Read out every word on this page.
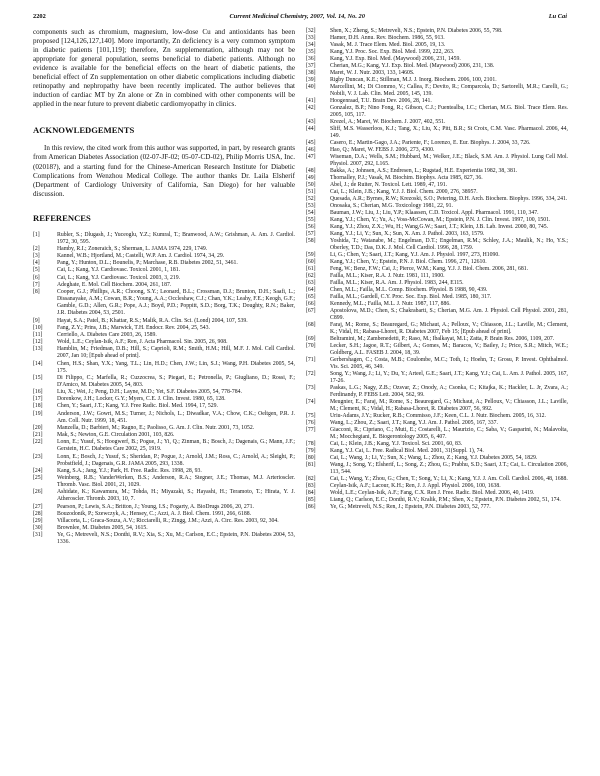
2202	Current Medicinal Chemistry, 2007, Vol. 14, No. 20	Lu Cai

components such as chromium, magnesium, low-dose Cu and antioxidants has been proposed [124,126,127,140]. More importantly, Zn deficiency is a very common symptom in diabetic patients [101,119]; therefore, Zn supplementation, although may not be appropriate for general population, seems beneficial to diabetic patients. Although no evidence is available for the beneficial effects on the heart of diabetic patients, the beneficial effect of Zn supplementation on other diabetic complications including diabetic retinopathy and nephropathy have been recently implicated. The author believes that induction of cardiac MT by Zn alone or Zn in combined with other components will be applied in the near future to prevent diabetic cardiomyopathy in clinics.

ACKNOWLEDGEMENTS

In this review, the cited work from this author was supported, in part, by research grants from American Diabetes Association (02-07-JF-02; 05-07-CD-02), Philip Morris USA, Inc. (02018?), and a starting fund for the Chinese-American Research Institute for Diabetic Complications from Wenzhou Medical College. The author thanks Dr. Laila Elsherif (Department of Cardiology University of California, San Diego) for her valuable discussion.

REFERENCES

[1]	Rubler, S.; Dlugash, J.; Yuceoglu, Y.Z.; Kumral, T.; Branwood, A.W.; Grishman, A. Am. J. Cardiol. 1972, 30, 595.
[2]	Hamby, R.I.; Zoneraich, S.; Sherman, L. JAMA 1974, 229, 1749.
[3]	Kannel, W.B.; Hjortland, M.; Castelli, W.P. Am. J. Cardiol. 1974, 34, 29.
[4]	Pang, Y.; Hunton, D.L.; Bounelis, P.; Marchase, R.B. Diabetes 2002, 51, 3461.
[5]	Cai, L.; Kang, Y.J. Cardiovasc. Toxicol. 2001, 1, 181.
[6]	Cai, L.; Kang, Y.J. Cardiovasc. Toxicol. 2003, 3, 219.
[7]	Adeghate, E. Mol. Cell Biochem. 2004, 261, 187.
[8]	Cooper, G.J.; Phillips, A.R.; Choong, S.Y.; Leonard, B.L.; Crossman, D.J.; Brunton, D.H.; Saafi, L.; Dissanayake, A.M.; Cowan, B.R.; Young, A.A.; Occleshaw, C.J.; Chan, Y.K.; Leahy, F.E.; Keogh, G.F.; Gamble, G.D.; Allen, G.R.; Pope, A.J.; Boyd, P.D.; Poppitt, S.D.; Borg, T.K.; Doughty, R.N.; Baker, J.R. Diabetes 2004, 53, 2501.
[9]	Hayat, S.A.; Patel, B.; Khattar, R.S.; Malik, R.A. Clin. Sci. (Lond) 2004, 107, 539.
[10]	Fang, Z.Y.; Prins, J.B.; Marwick, T.H. Endocr. Rev. 2004, 25, 543.
[11]	Cerriello, A. Diabetes Care 2003, 26, 1589.
[12]	Wold, L.E.; Ceylan-Isik, A.F.; Ren, J. Acta Pharmacol. Sin. 2005, 26, 908.
[13]	Hamblin, M.; Friedman, D.B.; Hill, S.; Caprioli, R.M.; Smith, H.M.; Hill, M.F. J. Mol. Cell Cardiol. 2007, Jan 10; [Epub ahead of print].
[14]	Chen, H.S.; Shan, Y.X.; Yang, T.L.; Lin, H.D.; Chen, J.W.; Lin, S.J.; Wang, P.H. Diabetes 2005, 54, 175.
[15]	Di Filippo, C.; Marfella, R.; Cuzzocrea, S.; Piegari, E.; Petronella, P.; Giugliano, D.; Rossi, F.; D'Amico, M. Diabetes 2005, 54, 803.
[16]	Liu, X.; Wei, J.; Peng, D.H.; Layne, M.D.; Yet, S.F. Diabetes 2005, 54, 778-784.
[17]	Dorenkow, J.H.; Locker, G.Y.; Myers, C.E. J. Clin. Invest. 1980, 65, 128.
[18]	Chen, Y.; Saari, J.T.; Kang, Y.J. Free Radic. Biol. Med. 1994, 17, 529.
[19]	Anderson, J.W.; Gowri, M.S.; Turner, J.; Nichols, L.; Diwadkar, V.A.; Chow, C.K.; Oeltgen, P.R. J. Am. Coll. Nutr. 1999, 18, 451.
[20]	Manzella, D.; Barbieri, M.; Ragno, E.; Paolisso, G. Am. J. Clin. Nutr. 2001, 73, 1052.
[21]	Mak, S.; Newton, G.E. Circulation 2001, 103, 826.
[22]	Lonn, E.; Yusuf, S.; Hoogwerf, B.; Pogue, J.; Yi, Q.; Zinman, B.; Bosch, J.; Dagenais, G.; Mann, J.F.; Gerstein, H.C. Diabetes Care 2002, 25, 1919.
[23]	Lonn, E.; Bosch, J.; Yusuf, S.; Sheridan, P.; Pogue, J.; Arnold, J.M.; Ross, C.; Arnold, A.; Sleight, P.; Probstfield, J.; Dagenais, G.R. JAMA 2005, 293, 1338.
[24]	Kang, S.A.; Jang, Y.J.; Park, H. Free. Radic. Res. 1998, 28, 93.
[25]	Weinberg, R.B.; VanderWerken, B.S.; Anderson, R.A.; Stegner, J.E.; Thomas, M.J. Arterioscler. Thromb. Vasc. Biol. 2001, 21, 1029.
[26]	Ashidate, K.; Kawamura, M.; Tohda, H.; Miyazaki, S.; Hayashi, H.; Teramoto, T.; Hirata, Y. J. Atheroscler. Thromb. 2003, 10, 7.
[27]	Pearson, P.; Lewis, S.A.; Britton, J.; Young, I.S.; Fogarty, A. BioDrugs 2006, 20, 271.
[28]	Bouzodonik, P.; Szewczyk, A.; Hensey, C.; Azzi, A. J. Biol. Chem. 1991, 266, 6188.
[29]	Villacorta, L.; Graca-Souza, A.V.; Ricciarelli, R.; Zingg, J.M.; Azzi, A. Circ. Res. 2003, 92, 304.
[30]	Brownlee, M. Diabetes 2005, 54, 1615.
[31]	Ye, G.; Metreveli, N.S.; Donthi, R.V.; Xia, S.; Xu, M.; Carlson, E.C.; Epstein, P.N. Diabetes 2004, 53, 1336.
[32]	Shen, X.; Zheng, S.; Metreveli, N.S.; Epstein, P.N. Diabetes 2006, 55, 798.
[33]	Hamer, D.H. Annu. Rev. Biochem. 1986, 55, 913.
[34]	Vasak, M. J. Trace Elem. Med. Biol. 2005, 19, 13.
[35]	Kang, Y.J. Proc. Soc. Exp. Biol. Med. 1999, 222, 263.
[36]	Kang, Y.J. Exp. Biol. Med. (Maywood) 2006, 231, 1459.
[37]	Cherian, M.G.; Kang, Y.J. Exp. Biol. Med. (Maywood) 2006, 231, 138.
[38]	Maret, W. J. Nutr. 2003, 133, 1460S.
[39]	Rigby Duncan, K.E.; Stillman, M.J. J. Inorg. Biochem. 2006, 100, 2101.
[40]	Marcellini, M.; Di Ciommo, V.; Callea, F.; Devito, R.; Comparcola, D.; Sartorelli, M.R.; Carelli, G.; Nobili, V. J. Lab. Clin. Med. 2005, 145, 139.
[41]	Hoogenraad, T.U. Brain Dev. 2006, 28, 141.
[42]	Gonzalez, B.P.; Nino Fong, R.; Gibson, C.J.; Fuentealba, I.C.; Cherian, M.G. Biol. Trace Elem. Res. 2005, 105, 117.
[43]	Krezel, A.; Maret, W. Biochem. J. 2007, 402, 551.
[44]	Sliff, M.S. Wasserloos, K.J.; Tang, X.; Liu, X.; Pitt, B.R.; St Croix, C.M. Vasc. Pharmacol. 2006, 44, 149.
[45]	Casero, E.; Martin-Gago, J.A.; Pariente, F.; Lorenzo, E. Eur. Biophys. J. 2004, 33, 726.
[46]	Hao, Q.; Maret, W. FEBS J. 2006, 273, 4300.
[47]	Wiseman, D.A.; Wells, S.M.; Hubbard, M.; Welker, J.E.; Black, S.M. Am. J. Physiol. Lung Cell Mol. Physiol. 2007, 292, L165.
[48]	Bakka, A.; Johnsen, A.S.; Endresen, L.; Rugstad, H.E. Experientia 1982, 38, 381.
[49]	Thornalley, P.J.; Vasak, M. Biochim. Biophys. Acta 1985, 827, 36.
[50]	Abel, J.; de Ruiter, N. Toxicol. Lett. 1989, 47, 191.
[51]	Cai, L.; Klein, J.B.; Kang, Y.J. J. Biol. Chem. 2000, 276, 38957.
[52]	Quesada, A.R.; Byrnes, R.W.; Krezoski, S.O.; Petering, D.H. Arch. Biochem. Biophys. 1996, 334, 241.
[53]	Onosaka, S.; Cherian, M.G. Toxicology 1981, 22, 91.
[54]	Bauman, J.W.; Liu, J.; Liu, Y.P.; Klaassen, C.D. Toxicol. Appl. Pharmacol. 1991, 110, 347.
[55]	Kang, Y.J.; Chen, Y.; Yu, A.; Voss-McCowan, M.; Epstein, P.N. J. Clin. Invest. 1997, 100, 1501.
[56]	Kang, Y.J.; Zhou, Z.X.; Wu, H.; Wang,G.W.; Saari, J.T.; Klein, J.B. Lab. Invest. 2000, 80, 745.
[57]	Kang, Y.J.; Li, Y.; Sun, X.; Sun, X. Am. J. Pathol. 2003, 163, 1579.
[58]	Yoshida, T.; Watanabe, M.; Engelman, D.T.; Engelman, R.M.; Schley, J.A.; Maulik, N.; Ho, Y.S.; Oberley, T.D.; Das, D.K. J. Mol. Cell Cardiol. 1996, 28, 1759.
[59]	Li, G.; Chen, Y.; Saari, J.T.; Kang, Y.J. Am. J. Physiol. 1997, 273, H1090.
[60]	Kang, Y.J.; Chen, Y.; Epstein, P.N. J. Biol. Chem. 1996, 271, 12610.
[61]	Feng, W.; Benz, F.W.; Cai, J.; Pierce, W.M.; Kang, Y.J. J. Biol. Chem. 2006, 281, 681.
[62]	Failla, M.L.; Kiser, R.A. J. Nutr. 1981, 111, 1900.
[63]	Failla, M.L.; Kiser, R.A. Am. J. Physiol. 1983, 244, E115.
[64]	Chen, M.L.; Failla, M.L. Comp. Biochem. Physiol. B 1988, 90, 439.
[65]	Failla, M.L.; Gardell, C.Y. Proc. Soc. Exp. Biol. Med. 1985, 180, 317.
[66]	Kennedy, M.L.; Failla, M.L. J. Nutr. 1987, 117, 886.
[67]	Apostolova, M.D.; Chen, S.; Chakrabarti, S.; Cherian, M.G. Am. J. Physiol. Cell Physiol. 2001, 281, C899.
[68]	Faraj, M.; Rome, S.; Beauregard, G.; Michaut, A.; Pelloux, V.; Chiasson, J.L.; Laville, M.; Clement, K.; Vidal, H.; Rabasa-Lhoret, R. Diabetes 2007, Feb 15; [Epub ahead of print].
[69]	Beltramini, M.; Zambenedetti, P.; Raso, M.; Ibalkayat, M.I.; Zatta, P. Brain Res. 2006, 1109, 207.
[70]	Lecker, S.H.; Jagoe, R.T.; Gilbert, A.; Gomes, M.; Baracos, V.; Bailey, J.; Price, S.R.; Mitch, W.E.; Goldberg, A.L. FASEB J. 2004, 18, 39.
[71]	Gerbershagen, C.; Costa, M.B.; Coulombe, M.C.; Toth, I.; Hoehn, T.; Grosu, P. Invest. Ophthalmol. Vis. Sci. 2005, 46, 349.
[72]	Song, Y.; Wang, J.; Li, Y.; Du, Y.; Arteel, G.E.; Saari, J.T.; Kang, Y.J.; Cai, L. Am. J. Pathol. 2005, 167, 17-26.
[73]	Paskas, L.G.; Nagy, Z.B.; Ozsvar, Z.; Onody, A.; Csonka, C.; Kitajka, K.; Hackler, L. Jr, Zvara, A.; Ferdinandy, P. FEBS Lett. 2004, 562, 99.
[74]	Meugnier, E.; Faraj, M.; Rome, S.; Beauregard, G.; Michaut, A.; Pelloux, V.; Chiasson, J.L.; Laville, M.; Clement, K.; Vidal, H.; Rabasa-Lhoret, R. Diabetes 2007, 56, 992.
[75]	Uriu-Adams, J.Y.; Rucker, R.B.; Commisso, J.F.; Keen, C.L. J. Nutr. Biochem. 2005, 16, 312.
[76]	Wang, L.; Zhou, Z.; Saari, J.T.; Kang, Y.J. Am. J. Pathol. 2005, 167, 337.
[77]	Giacconi, R.; Cipriano, C.; Muti, E.; Costarelli, L.; Maurizio, C.; Saba, V.; Gasparini, N.; Malavolta, M.; Mocchegiani, E. Biogerontology 2005, 6, 407.
[78]	Cai, L.; Klein, J.B.; Kang, Y.J. Toxicol. Sci. 2001, 60, 83.
[79]	Kang, Y.J. Cai, L. Free. Radical Biol. Med. 2001, 31(Suppl. 1), 74.
[80]	Cai, L.; Wang, J.; Li, Y.; Sun, X.; Wang, L.; Zhou, Z.; Kang, Y.J. Diabetes 2005, 54, 1829.
[81]	Wang, J.; Song, Y.; Elsherif, L.; Song, Z.; Zhou, G.; Prabhu, S.D.; Saari, J.T.; Cai, L. Circulation 2006, 113, 544.
[82]	Cai, L.; Wang, Y.; Zhou, G.; Chen, T.; Song, Y.; Li, X.; Kang, Y.J. J. Am. Coll. Cardiol. 2006, 48, 1688.
[83]	Ceylan-Isik, A.F.; Lacour, K.H.; Ren, J. J. Appl. Physiol. 2006, 100, 1638.
[84]	Wold, L.E.; Ceylan-Isik, A.F.; Fang, C.X. Ren J. Free. Radic. Biol. Med. 2006, 40, 1419.
[85]	Liang, Q.; Carlson, E.C.; Donthi, R.V.; Kralik, P.M.; Shen, X.; Epstein, P.N. Diabetes 2002, 51, 174.
[86]	Ye, G.; Metreveli, N.S.; Ren, J.; Epstein, P.N. Diabetes 2003, 52, 777.
